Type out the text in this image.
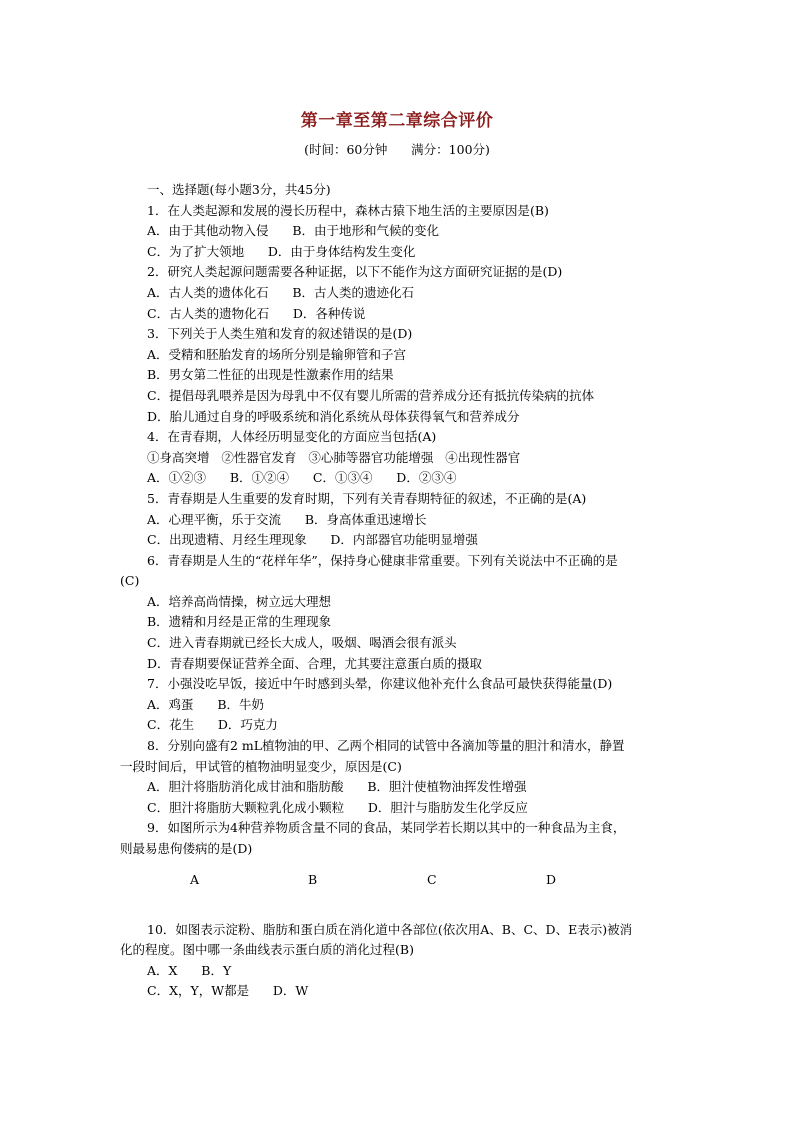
第一章至第二章综合评价
(时间：60分钟      满分：100分)
一、选择题(每小题3分，共45分)
1．在人类起源和发展的漫长历程中，森林古猿下地生活的主要原因是(B)
A．由于其他动物入侵      B．由于地形和气候的变化
C．为了扩大领地      D．由于身体结构发生变化
2．研究人类起源问题需要各种证据，以下不能作为这方面研究证据的是(D)
A．古人类的遗体化石      B．古人类的遗迹化石
C．古人类的遗物化石      D．各种传说
3．下列关于人类生殖和发育的叙述错误的是(D)
A．受精和胚胎发育的场所分别是输卵管和子宫
B．男女第二性征的出现是性激素作用的结果
C．提倡母乳喂养是因为母乳中不仅有婴儿所需的营养成分还有抵抗传染病的抗体
D．胎儿通过自身的呼吸系统和消化系统从母体获得氧气和营养成分
4．在青春期，人体经历明显变化的方面应当包括(A)
①身高突增   ②性器官发育   ③心肺等器官功能增强   ④出现性器官
A．①②③      B．①②④      C．①③④      D．②③④
5．青春期是人生重要的发育时期，下列有关青春期特征的叙述，不正确的是(A)
A．心理平衡，乐于交流      B．身高体重迅速增长
C．出现遗精、月经生理现象      D．内部器官功能明显增强
6．青春期是人生的“花样年华”，保持身心健康非常重要。下列有关说法中不正确的是
(C)
A．培养高尚情操，树立远大理想
B．遗精和月经是正常的生理现象
C．进入青春期就已经长大成人，吸烟、喝酒会很有派头
D．青春期要保证营养全面、合理，尤其要注意蛋白质的摄取
7．小强没吃早饭，接近中午时感到头晕，你建议他补充什么食品可最快获得能量(D)
A．鸡蛋      B．牛奶
C．花生      D．巧克力
8．分别向盛有2 mL植物油的甲、乙两个相同的试管中各滴加等量的胆汁和清水，静置
一段时间后，甲试管的植物油明显变少，原因是(C)
A．胆汁将脂肪消化成甘油和脂肪酸      B．胆汁使植物油挥发性增强
C．胆汁将脂肪大颗粒乳化成小颗粒      D．胆汁与脂肪发生化学反应
9．如图所示为4种营养物质含量不同的食品，某同学若长期以其中的一种食品为主食，
则最易患佝偻病的是(D)
A	B	C	D
10．如图表示淀粉、脂肪和蛋白质在消化道中各部位(依次用A、B、C、D、E表示)被消
化的程度。图中哪一条曲线表示蛋白质的消化过程(B)
A．X      B．Y
C．X，Y，W都是      D．W
